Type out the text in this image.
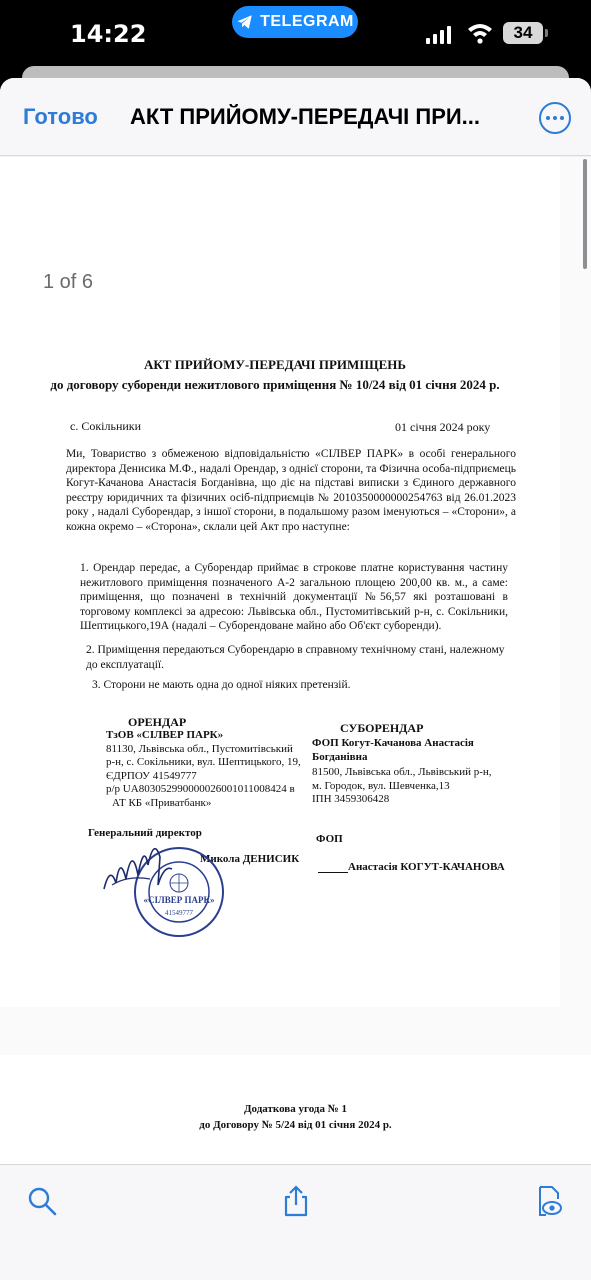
14:22	TELEGRAM
34
Готово АКТ ПРИЙОМУ-ПЕРЕДАЧІ ПРИ...
1 of 6
АКТ ПРИЙОМУ-ПЕРЕДАЧІ ПРИМІЩЕНЬ
до договору суборенди нежитлового приміщення № 10/24 від 01 січня 2024 р.
с. Сокільники	01 січня 2024 року
Ми, Товариство з обмеженою відповідальністю «СІЛВЕР ПАРК» в особі генерального директора Денисика М.Ф., надалі Орендар, з однієї сторони, та Фізична особа-підприємець Когут-Качанова Анастасія Богданівна, що діє на підставі виписки з Єдиного державного реєстру юридичних та фізичних осіб-підприємців № 2010350000000254763 від 26.01.2023 року , надалі Суборендар, з іншої сторони, в подальшому разом іменуються – «Сторони», а кожна окремо – «Сторона», склали цей Акт про наступне:
1. Орендар передає, а Суборендар приймає в строкове платне користування частину нежитлового приміщення позначеного А-2 загальною площею 200,00 кв. м., а саме: приміщення, що позначені в технічній документації №56,57 які розташовані в торговому комплексі за адресою: Львівська обл., Пустомитівський р-н, с. Сокільники, Шептицького,19А (надалі – Суборендоване майно або Об'єкт суборенди).
2. Приміщення передаються Суборендарю в справному технічному стані, належному до експлуатації.
3. Сторони не мають одна до одної ніяких претензій.
ОРЕНДАР
ТзОВ «СІЛВЕР ПАРК»
81130, Львівська обл., Пустомитівський
р-н, с. Сокільники, вул. Шептицького, 19,
ЄДРПОУ 41549777
р/р UA803052990000026001011008424 в
АТ КБ «Приватбанк»
Генеральний директор
Микола ДЕНИСИК
СУБОРЕНДАР
ФОП Когут-Качанова Анастасія
Богданівна
81500, Львівська обл., Львівський р-н,
м. Городок, вул. Шевченка,13
ІПН 3459306428
ФОП
Анастасія КОГУТ-КАЧАНОВА
«СІЛВЕР ПАРК»
41549777
Додаткова угода № 1
до Договору № 5/24 від 01 січня 2024 р.
